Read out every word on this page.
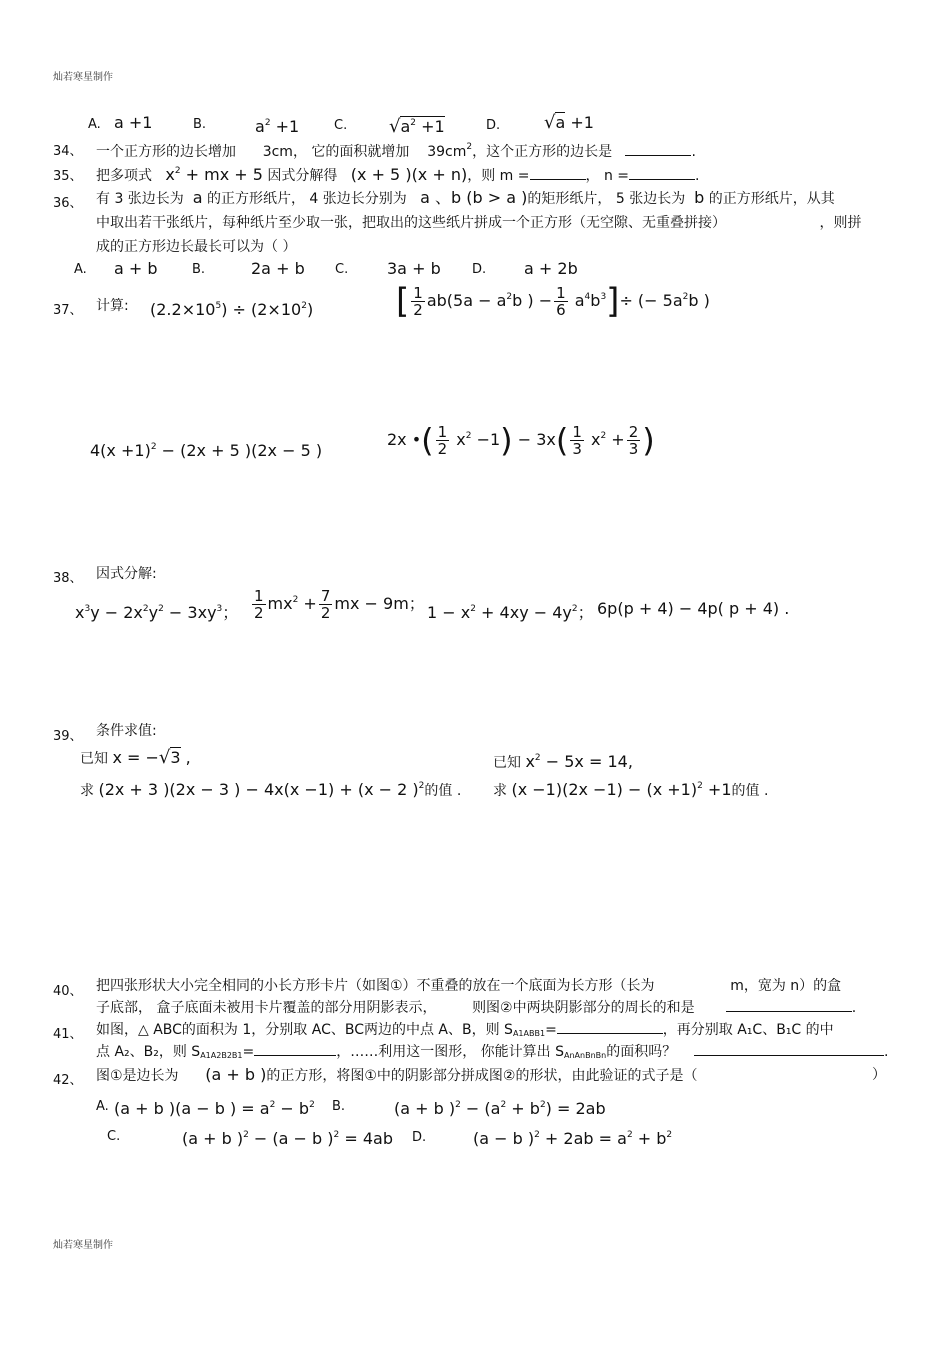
灿若寒星制作
A. a +1	B.	$a^2 +1$	C. $√a^2 +1$	D. √a +1
34、 一个正方形的边长增加 3cm， 它的面积就增加 $39cm^2$，这个正方形的边长是	.
35、 把多项式 $x^2$ + mx + 5 因式分解得 (x + 5 )(x + n)，则 m =	， n =	.
36、 有 3 张边长为 a 的正方形纸片， 4 张边长分别为 a 、b (b > a )的矩形纸片， 5 张边长为 b 的正方形纸片，从其
中取出若干张纸片，每种纸片至少取一张，把取出的这些纸片拼成一个正方形（无空隙、无重叠拼接）	，则拼
成的正方形边长最长可以为（ ）
A. a + b	B.	2a + b C. 3a + b D. a + 2b
37、 计算: $(2.2\times 10^5) \div (2\times 10^2)$ [ $\frac{1}{2} ab(5a - a^2b$ ) − $\frac{1}{6} a^4b^3]\div$ (− $5a^2b$ )
$4(x +1)^2 - (2x + 5$ )(2x − 5 )
2x •( $\frac{1}{2} x^2 -1) - 3x( \frac{1}{3} x^2 + \frac{2}{3}$ )
38、 因式分解:
$x^3y - 2x^2y^2 - 3xy^3$； $\frac{1}{2} mx^2 + \frac{7}{2}$ mx − 9m； $1 - x^2 + 4xy - 4y^2$； 6p(p + 4) − 4p( p + 4) .
39、 条件求值:
已知 x = −√3 ,
求 (2x + 3 )(2x − 3 ) − 4x(x −1) + (x − 2 )$^2$的值 .
已知 $x^2 - 5x = 14$,
求 $(x -1)(2x -1) - (x +1)^2 +1$的值 .
40、 把四张形状大小完全相同的小长方形卡片（如图①）不重叠的放在一个底面为长方形（长为	m，宽为 n）的盒
子底部， 盒子底面未被用卡片覆盖的部分用阴影表示，	则图②中两块阴影部分的周长的和是	.
41、 如图，△ ABC的面积为 1，分别取 AC、BC两边的中点 A、B，则 $S_{A1ABB1}=$	，再分别取 A₁C、B₁C 的中
点 A₂、B₂，则 $S_{A1A2B2B1}=$	，……利用这一图形， 你能计算出 $S_{AnAnBnBn}$的面积吗？	.
42、 图①是边长为 (a + b )的正方形，将图①中的阴影部分拼成图②的形状，由此验证的式子是（	）
A. (a + b )(a − b ) = $a^2 - b^2$ B.	(a + b )$^2 - (a^2 + b^2) = 2ab$
C.	(a + b )$^2$ − (a − b )$^2$ = 4ab D.	(a − b )$^2 + 2ab = a^2 + b^2$
灿若寒星制作
